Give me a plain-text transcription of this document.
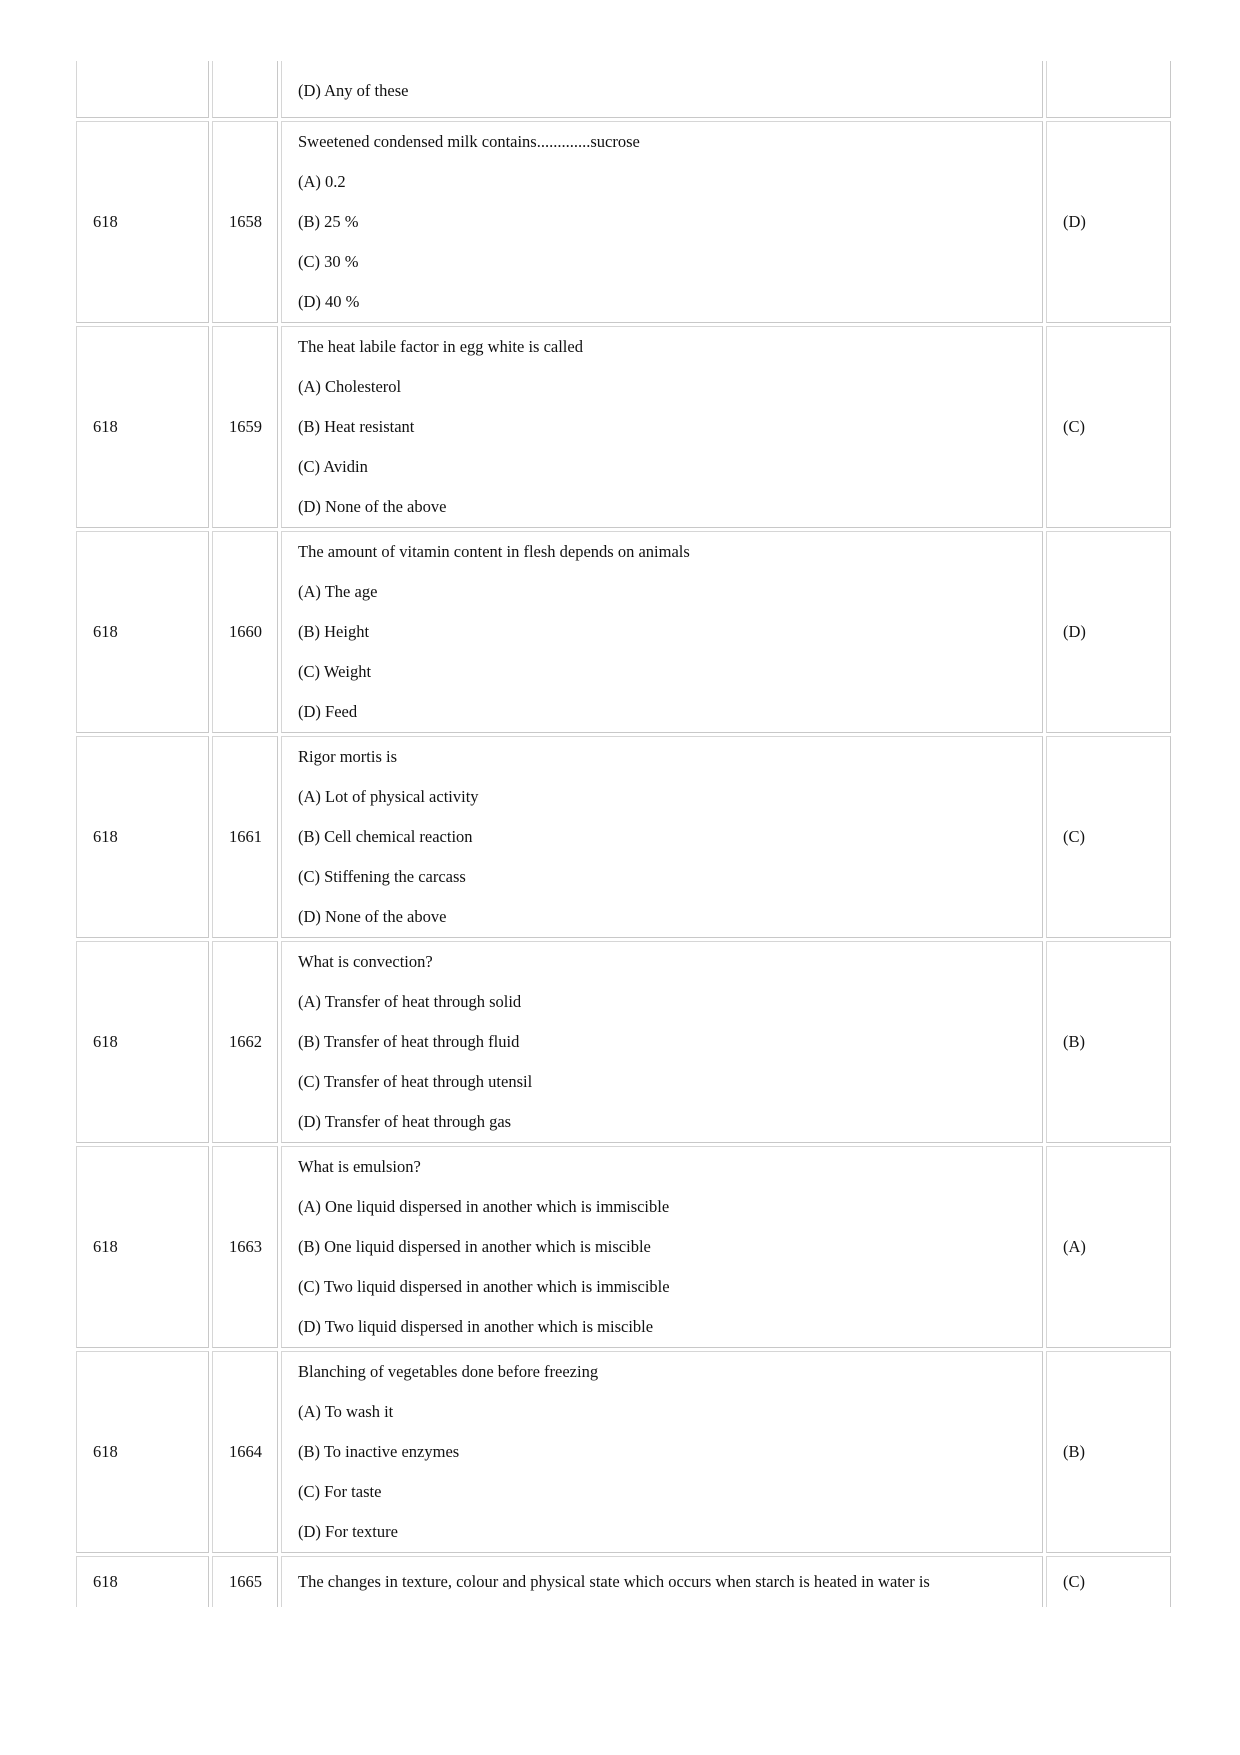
		(D) Any of these	

618	1658	Sweetened condensed milk contains.............sucrose
(A) 0.2
(B) 25 %
(C) 30 %
(D) 40 %	(D)
618	1659	The heat labile factor in egg white is called
(A) Cholesterol
(B) Heat resistant
(C) Avidin
(D) None of the above	(C)
618	1660	The amount of vitamin content in flesh depends on animals
(A) The age
(B) Height
(C) Weight
(D) Feed	(D)
618	1661	Rigor mortis is
(A) Lot of physical activity
(B) Cell chemical reaction
(C) Stiffening the carcass
(D) None of the above	(C)
618	1662	What is convection?
(A) Transfer of heat through solid
(B) Transfer of heat through fluid
(C) Transfer of heat through utensil
(D) Transfer of heat through gas	(B)
618	1663	What is emulsion?
(A) One liquid dispersed in another which is immiscible
(B) One liquid dispersed in another which is miscible
(C) Two liquid dispersed in another which is immiscible
(D) Two liquid dispersed in another which is miscible	(A)
618	1664	Blanching of vegetables done before freezing
(A) To wash it
(B) To inactive enzymes
(C) For taste
(D) For texture	(B)
618	1665	The changes in texture, colour and physical state which occurs when starch is heated in water is	(C)
